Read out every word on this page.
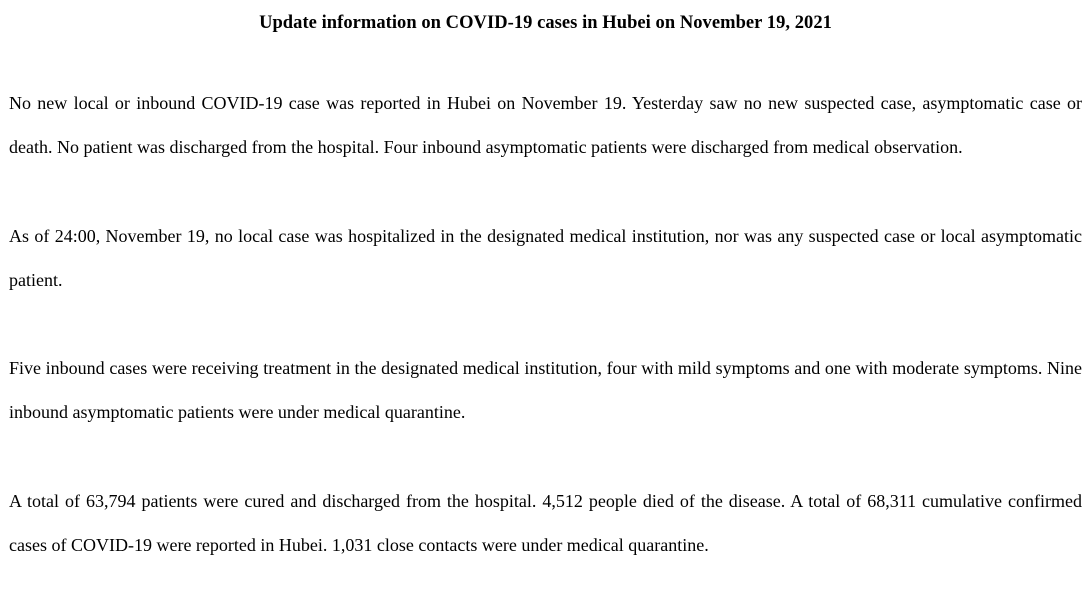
Update information on COVID-19 cases in Hubei on November 19, 2021

No new local or inbound COVID-19 case was reported in Hubei on November 19. Yesterday saw no new suspected case, asymptomatic case or death. No patient was discharged from the hospital. Four inbound asymptomatic patients were discharged from medical observation.

As of 24:00, November 19, no local case was hospitalized in the designated medical institution, nor was any suspected case or local asymptomatic patient.

Five inbound cases were receiving treatment in the designated medical institution, four with mild symptoms and one with moderate symptoms. Nine inbound asymptomatic patients were under medical quarantine.

A total of 63,794 patients were cured and discharged from the hospital. 4,512 people died of the disease. A total of 68,311 cumulative confirmed cases of COVID-19 were reported in Hubei. 1,031 close contacts were under medical quarantine.
